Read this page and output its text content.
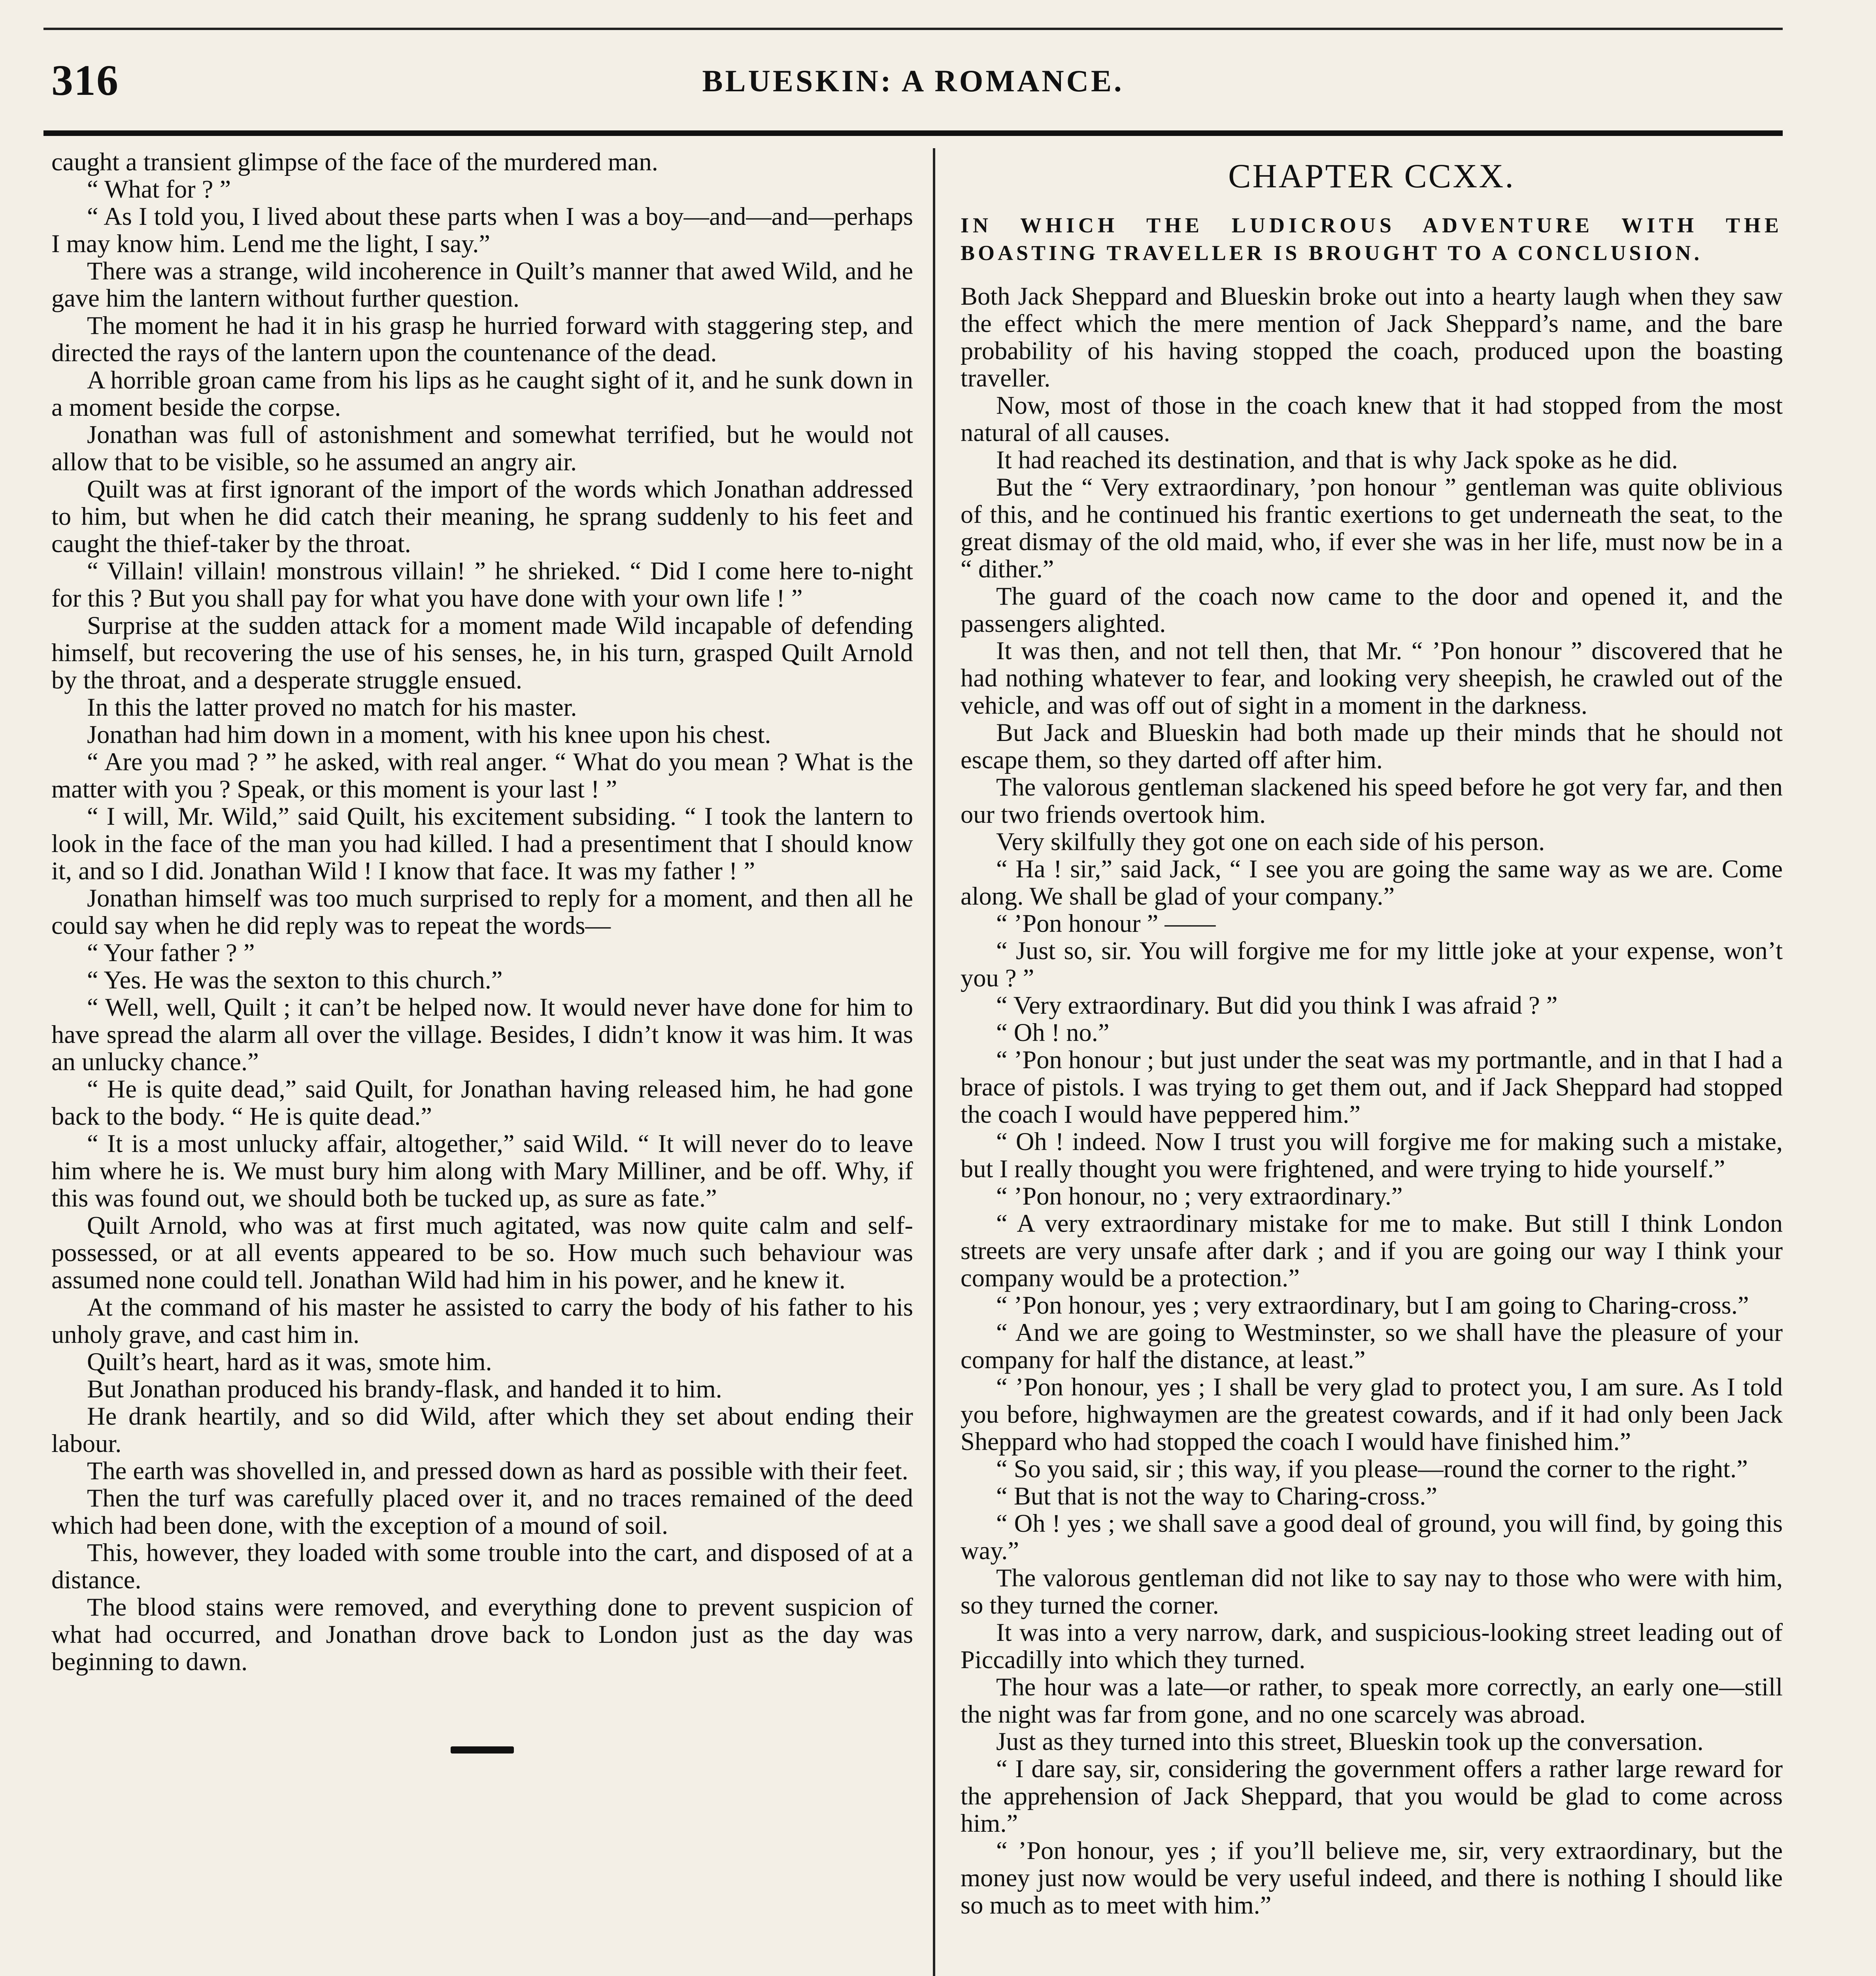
316	BLUESKIN: A ROMANCE.

caught a transient glimpse of the face of the murdered man.

“ What for ? ”

“ As I told you, I lived about these parts when I was a boy—and—and—perhaps I may know him. Lend me the light, I say.”

There was a strange, wild incoherence in Quilt’s manner that awed Wild, and he gave him the lantern without further question.

The moment he had it in his grasp he hurried forward with staggering step, and directed the rays of the lantern upon the countenance of the dead.

A horrible groan came from his lips as he caught sight of it, and he sunk down in a moment beside the corpse.

Jonathan was full of astonishment and somewhat terrified, but he would not allow that to be visible, so he assumed an angry air.

Quilt was at first ignorant of the import of the words which Jonathan addressed to him, but when he did catch their meaning, he sprang suddenly to his feet and caught the thief-taker by the throat.

“ Villain! villain! monstrous villain! ” he shrieked. “ Did I come here to-night for this ? But you shall pay for what you have done with your own life ! ”

Surprise at the sudden attack for a moment made Wild incapable of defending himself, but recovering the use of his senses, he, in his turn, grasped Quilt Arnold by the throat, and a desperate struggle ensued.

In this the latter proved no match for his master.

Jonathan had him down in a moment, with his knee upon his chest.

“ Are you mad ? ” he asked, with real anger. “ What do you mean ? What is the matter with you ? Speak, or this moment is your last ! ”

“ I will, Mr. Wild,” said Quilt, his excitement subsiding. “ I took the lantern to look in the face of the man you had killed. I had a presentiment that I should know it, and so I did. Jonathan Wild ! I know that face. It was my father ! ”

Jonathan himself was too much surprised to reply for a moment, and then all he could say when he did reply was to repeat the words—

“ Your father ? ”

“ Yes. He was the sexton to this church.”

“ Well, well, Quilt ; it can’t be helped now. It would never have done for him to have spread the alarm all over the village. Besides, I didn’t know it was him. It was an unlucky chance.”

“ He is quite dead,” said Quilt, for Jonathan having released him, he had gone back to the body. “ He is quite dead.”

“ It is a most unlucky affair, altogether,” said Wild. “ It will never do to leave him where he is. We must bury him along with Mary Milliner, and be off. Why, if this was found out, we should both be tucked up, as sure as fate.”

Quilt Arnold, who was at first much agitated, was now quite calm and self-possessed, or at all events appeared to be so. How much such behaviour was assumed none could tell. Jonathan Wild had him in his power, and he knew it.

At the command of his master he assisted to carry the body of his father to his unholy grave, and cast him in.

Quilt’s heart, hard as it was, smote him.

But Jonathan produced his brandy-flask, and handed it to him.

He drank heartily, and so did Wild, after which they set about ending their labour.

The earth was shovelled in, and pressed down as hard as possible with their feet.

Then the turf was carefully placed over it, and no traces remained of the deed which had been done, with the exception of a mound of soil.

This, however, they loaded with some trouble into the cart, and disposed of at a distance.

The blood stains were removed, and everything done to prevent suspicion of what had occurred, and Jonathan drove back to London just as the day was beginning to dawn.

CHAPTER CCXX.
IN WHICH THE LUDICROUS ADVENTURE WITH THE BOASTING TRAVELLER IS BROUGHT TO A CONCLUSION.

Both Jack Sheppard and Blueskin broke out into a hearty laugh when they saw the effect which the mere mention of Jack Sheppard’s name, and the bare probability of his having stopped the coach, produced upon the boasting traveller.

Now, most of those in the coach knew that it had stopped from the most natural of all causes.

It had reached its destination, and that is why Jack spoke as he did.

But the “ Very extraordinary, ’pon honour ” gentleman was quite oblivious of this, and he continued his frantic exertions to get underneath the seat, to the great dismay of the old maid, who, if ever she was in her life, must now be in a “ dither.”

The guard of the coach now came to the door and opened it, and the passengers alighted.

It was then, and not tell then, that Mr. “ ’Pon honour ” discovered that he had nothing whatever to fear, and looking very sheepish, he crawled out of the vehicle, and was off out of sight in a moment in the darkness.

But Jack and Blueskin had both made up their minds that he should not escape them, so they darted off after him.

The valorous gentleman slackened his speed before he got very far, and then our two friends overtook him.

Very skilfully they got one on each side of his person.

“ Ha ! sir,” said Jack, “ I see you are going the same way as we are. Come along. We shall be glad of your company.”

“ ’Pon honour ” ——

“ Just so, sir. You will forgive me for my little joke at your expense, won’t you ? ”

“ Very extraordinary. But did you think I was afraid ? ”

“ Oh ! no.”

“ ’Pon honour ; but just under the seat was my portmantle, and in that I had a brace of pistols. I was trying to get them out, and if Jack Sheppard had stopped the coach I would have peppered him.”

“ Oh ! indeed. Now I trust you will forgive me for making such a mistake, but I really thought you were frightened, and were trying to hide yourself.”

“ ’Pon honour, no ; very extraordinary.”

“ A very extraordinary mistake for me to make. But still I think London streets are very unsafe after dark ; and if you are going our way I think your company would be a protection.”

“ ’Pon honour, yes ; very extraordinary, but I am going to Charing-cross.”

“ And we are going to Westminster, so we shall have the pleasure of your company for half the distance, at least.”

“ ’Pon honour, yes ; I shall be very glad to protect you, I am sure. As I told you before, highwaymen are the greatest cowards, and if it had only been Jack Sheppard who had stopped the coach I would have finished him.”

“ So you said, sir ; this way, if you please—round the corner to the right.”

“ But that is not the way to Charing-cross.”

“ Oh ! yes ; we shall save a good deal of ground, you will find, by going this way.”

The valorous gentleman did not like to say nay to those who were with him, so they turned the corner.

It was into a very narrow, dark, and suspicious-looking street leading out of Piccadilly into which they turned.

The hour was a late—or rather, to speak more correctly, an early one—still the night was far from gone, and no one scarcely was abroad.

Just as they turned into this street, Blueskin took up the conversation.

“ I dare say, sir, considering the government offers a rather large reward for the apprehension of Jack Sheppard, that you would be glad to come across him.”

“ ’Pon honour, yes ; if you’ll believe me, sir, very extraordinary, but the money just now would be very useful indeed, and there is nothing I should like so much as to meet with him.”
